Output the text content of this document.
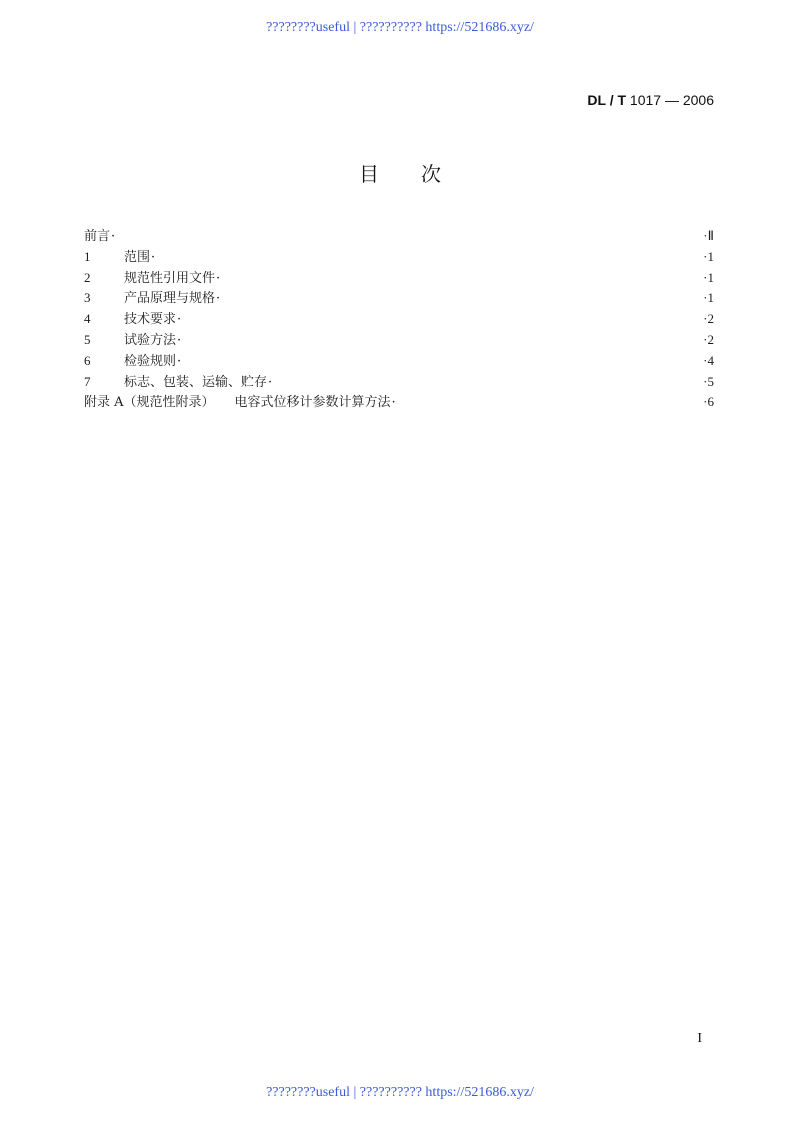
????????useful | ?????????? https://521686.xyz/
DL / T 1017 — 2006
目次
前言 ·	·Ⅱ
1	范围 ·	·1
2	规范性引用文件 ·	·1
3	产品原理与规格 ·	·1
4	技术要求 ·	·2
5	试验方法 ·	·2
6	检验规则 ·	·4
7	标志、包装、运输、贮存 ·	·5
附录 A（规范性附录） 电容式位移计参数计算方法 ·	·6
I
????????useful | ?????????? https://521686.xyz/
